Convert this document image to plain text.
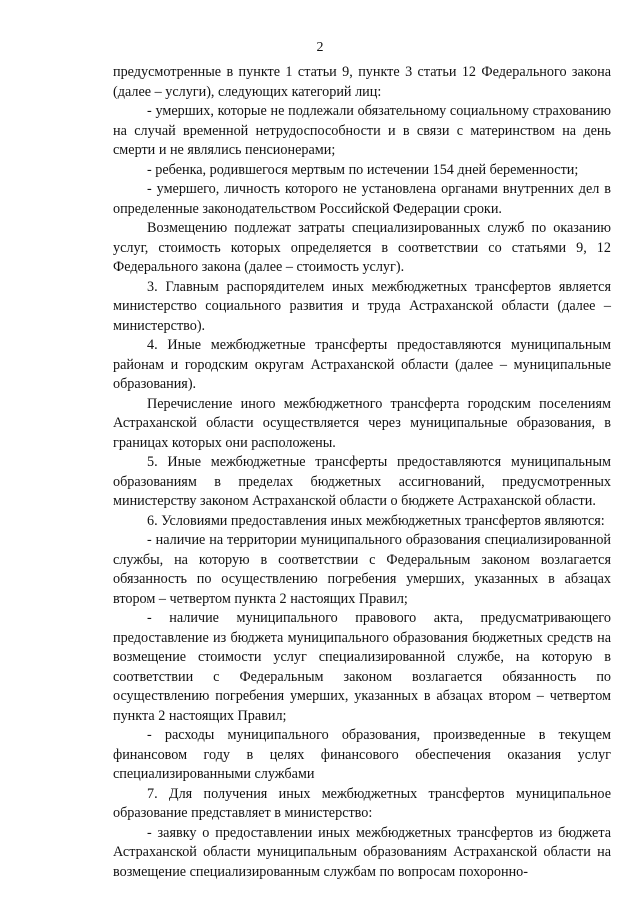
2

предусмотренные в пункте 1 статьи 9, пункте 3 статьи 12 Федерального закона (далее – услуги), следующих категорий лиц:

- умерших, которые не подлежали обязательному социальному страхованию на случай временной нетрудоспособности и в связи с материнством на день смерти и не являлись пенсионерами;

- ребенка, родившегося мертвым по истечении 154 дней беременности;

- умершего, личность которого не установлена органами внутренних дел в определенные законодательством Российской Федерации сроки.

Возмещению подлежат затраты специализированных служб по оказанию услуг, стоимость которых определяется в соответствии со статьями 9, 12 Федерального закона (далее – стоимость услуг).

3. Главным распорядителем иных межбюджетных трансфертов является министерство социального развития и труда Астраханской области (далее – министерство).

4. Иные межбюджетные трансферты предоставляются муниципальным районам и городским округам Астраханской области (далее – муниципальные образования).

Перечисление иного межбюджетного трансферта городским поселениям Астраханской области осуществляется через муниципальные образования, в границах которых они расположены.

5. Иные межбюджетные трансферты предоставляются муниципальным образованиям в пределах бюджетных ассигнований, предусмотренных министерству законом Астраханской области о бюджете Астраханской области.

6. Условиями предоставления иных межбюджетных трансфертов являются:

- наличие на территории муниципального образования специализированной службы, на которую в соответствии с Федеральным законом возлагается обязанность по осуществлению погребения умерших, указанных в абзацах втором – четвертом пункта 2 настоящих Правил;

- наличие муниципального правового акта, предусматривающего предоставление из бюджета муниципального образования бюджетных средств на возмещение стоимости услуг специализированной службе, на которую в соответствии с Федеральным законом возлагается обязанность по осуществлению погребения умерших, указанных в абзацах втором – четвертом пункта 2 настоящих Правил;

- расходы муниципального образования, произведенные в текущем финансовом году в целях финансового обеспечения оказания услуг специализированными службами

7. Для получения иных межбюджетных трансфертов муниципальное образование представляет в министерство:

- заявку о предоставлении иных межбюджетных трансфертов из бюджета Астраханской области муниципальным образованиям Астраханской области на возмещение специализированным службам по вопросам похоронно-
